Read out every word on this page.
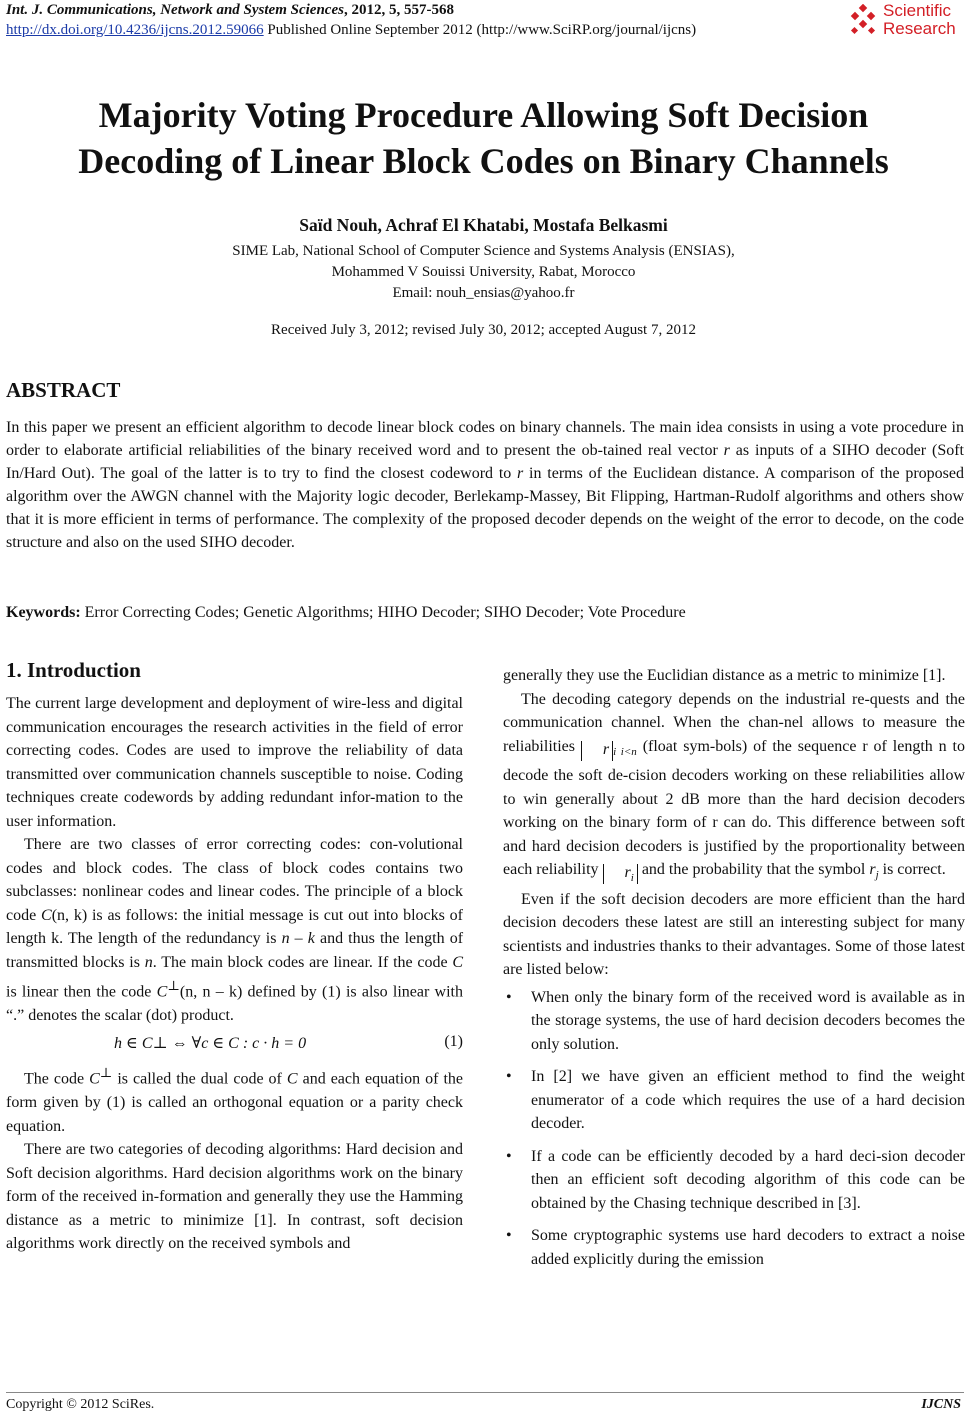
Int. J. Communications, Network and System Sciences, 2012, 5, 557-568
http://dx.doi.org/10.4236/ijcns.2012.59066 Published Online September 2012 (http://www.SciRP.org/journal/ijcns)
Scientific
Research
Majority Voting Procedure Allowing Soft Decision
Decoding of Linear Block Codes on Binary Channels
Saïd Nouh, Achraf El Khatabi, Mostafa Belkasmi
SIME Lab, National School of Computer Science and Systems Analysis (ENSIAS),
Mohammed V Souissi University, Rabat, Morocco
Email: nouh_ensias@yahoo.fr
Received July 3, 2012; revised July 30, 2012; accepted August 7, 2012
ABSTRACT
In this paper we present an efficient algorithm to decode linear block codes on binary channels. The main idea consists in using a vote procedure in order to elaborate artificial reliabilities of the binary received word and to present the ob-tained real vector r as inputs of a SIHO decoder (Soft In/Hard Out). The goal of the latter is to try to find the closest codeword to r in terms of the Euclidean distance. A comparison of the proposed algorithm over the AWGN channel with the Majority logic decoder, Berlekamp-Massey, Bit Flipping, Hartman-Rudolf algorithms and others show that it is more efficient in terms of performance. The complexity of the proposed decoder depends on the weight of the error to decode, on the code structure and also on the used SIHO decoder.
Keywords: Error Correcting Codes; Genetic Algorithms; HIHO Decoder; SIHO Decoder; Vote Procedure
1. Introduction

The current large development and deployment of wire-less and digital communication encourages the research activities in the field of error correcting codes. Codes are used to improve the reliability of data transmitted over communication channels susceptible to noise. Coding techniques create codewords by adding redundant infor-mation to the user information.

There are two classes of error correcting codes: con-volutional codes and block codes. The class of block codes contains two subclasses: nonlinear codes and linear codes. The principle of a block code C(n, k) is as follows: the initial message is cut out into blocks of length k. The length of the redundancy is n – k and thus the length of transmitted blocks is n. The main block codes are linear. If the code C is linear then the code C⊥(n, n – k) defined by (1) is also linear with “.” denotes the scalar (dot) product.

h ∈ C⊥ ⇔ ∀c ∈ C : c · h = 0	(1)

The code C⊥ is called the dual code of C and each equation of the form given by (1) is called an orthogonal equation or a parity check equation.

There are two categories of decoding algorithms: Hard decision and Soft decision algorithms. Hard decision algorithms work on the binary form of the received in-formation and generally they use the Hamming distance as a metric to minimize [1]. In contrast, soft decision algorithms work directly on the received symbols and

generally they use the Euclidian distance as a metric to minimize [1].

The decoding category depends on the industrial re-quests and the communication channel. When the chan-nel allows to measure the reliabilities r $_{i i<n}$ (float sym-bols) of the sequence r of length n to decode the soft de-cision decoders working on these reliabilities allow to win generally about 2 dB more than the hard decision decoders working on the binary form of r can do. This difference between soft and hard decision decoders is justified by the proportionality between each reliability $r_i$ and the probability that the symbol $r_j$ is correct.

Even if the soft decision decoders are more efficient than the hard decision decoders these latest are still an interesting subject for many scientists and industries thanks to their advantages. Some of those latest are listed below:

• When only the binary form of the received word is available as in the storage systems, the use of hard decision decoders becomes the only solution.
• In [2] we have given an efficient method to find the weight enumerator of a code which requires the use of a hard decision decoder.
• If a code can be efficiently decoded by a hard deci-sion decoder then an efficient soft decoding algorithm of this code can be obtained by the Chasing technique described in [3].
• Some cryptographic systems use hard decoders to extract a noise added explicitly during the emission
Copyright © 2012 SciRes.	IJCNS
